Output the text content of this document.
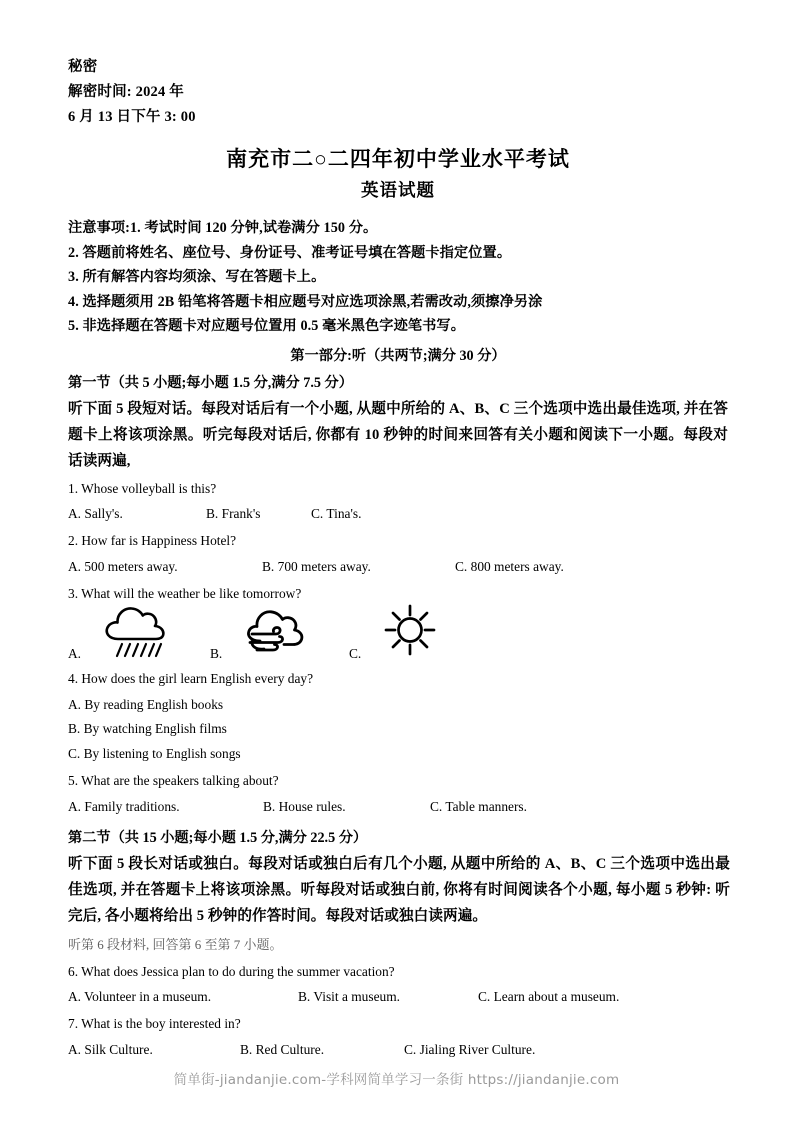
秘密
解密时间: 2024 年
6 月 13 日下午 3: 00
南充市二○二四年初中学业水平考试
英语试题
注意事项:1. 考试时间 120 分钟,试卷满分 150 分。
2. 答题前将姓名、座位号、身份证号、准考证号填在答题卡指定位置。
3. 所有解答内容均须涂、写在答题卡上。
4. 选择题须用 2B 铅笔将答题卡相应题号对应选项涂黑,若需改动,须擦净另涂
5. 非选择题在答题卡对应题号位置用 0.5 毫米黑色字迹笔书写。
第一部分:听（共两节;满分 30 分）
第一节（共 5 小题;每小题 1.5 分,满分 7.5 分）
听下面 5 段短对话。每段对话后有一个小题, 从题中所给的 A、B、C 三个选项中选出最佳选项, 并在答题卡上将该项涂黑。听完每段对话后, 你都有 10 秒钟的时间来回答有关小题和阅读下一小题。每段对话读两遍,
1. Whose volleyball is this?
A. Sally's.	B. Frank's	C. Tina's.
2. How far is Happiness Hotel?
A. 500 meters away.	B. 700 meters away.	C. 800 meters away.
3. What will the weather be like tomorrow?
A.	B.	C.
4. How does the girl learn English every day?
A. By reading English books
B. By watching English films
C. By listening to English songs
5. What are the speakers talking about?
A. Family traditions.	B. House rules.	C. Table manners.
第二节（共 15 小题;每小题 1.5 分,满分 22.5 分）
听下面 5 段长对话或独白。每段对话或独白后有几个小题, 从题中所给的 A、B、C 三个选项中选出最佳选项, 并在答题卡上将该项涂黑。听每段对话或独白前, 你将有时间阅读各个小题, 每小题 5 秒钟: 听完后, 各小题将给出 5 秒钟的作答时间。每段对话或独白读两遍。
听第 6 段材料, 回答第 6 至第 7 小题。
6. What does Jessica plan to do during the summer vacation?
A. Volunteer in a museum.	B. Visit a museum.	C. Learn about a museum.
7. What is the boy interested in?
A. Silk Culture.	B. Red Culture.	C. Jialing River Culture.
简单街-jiandanjie.com-学科网简单学习一条街 https://jiandanjie.com
